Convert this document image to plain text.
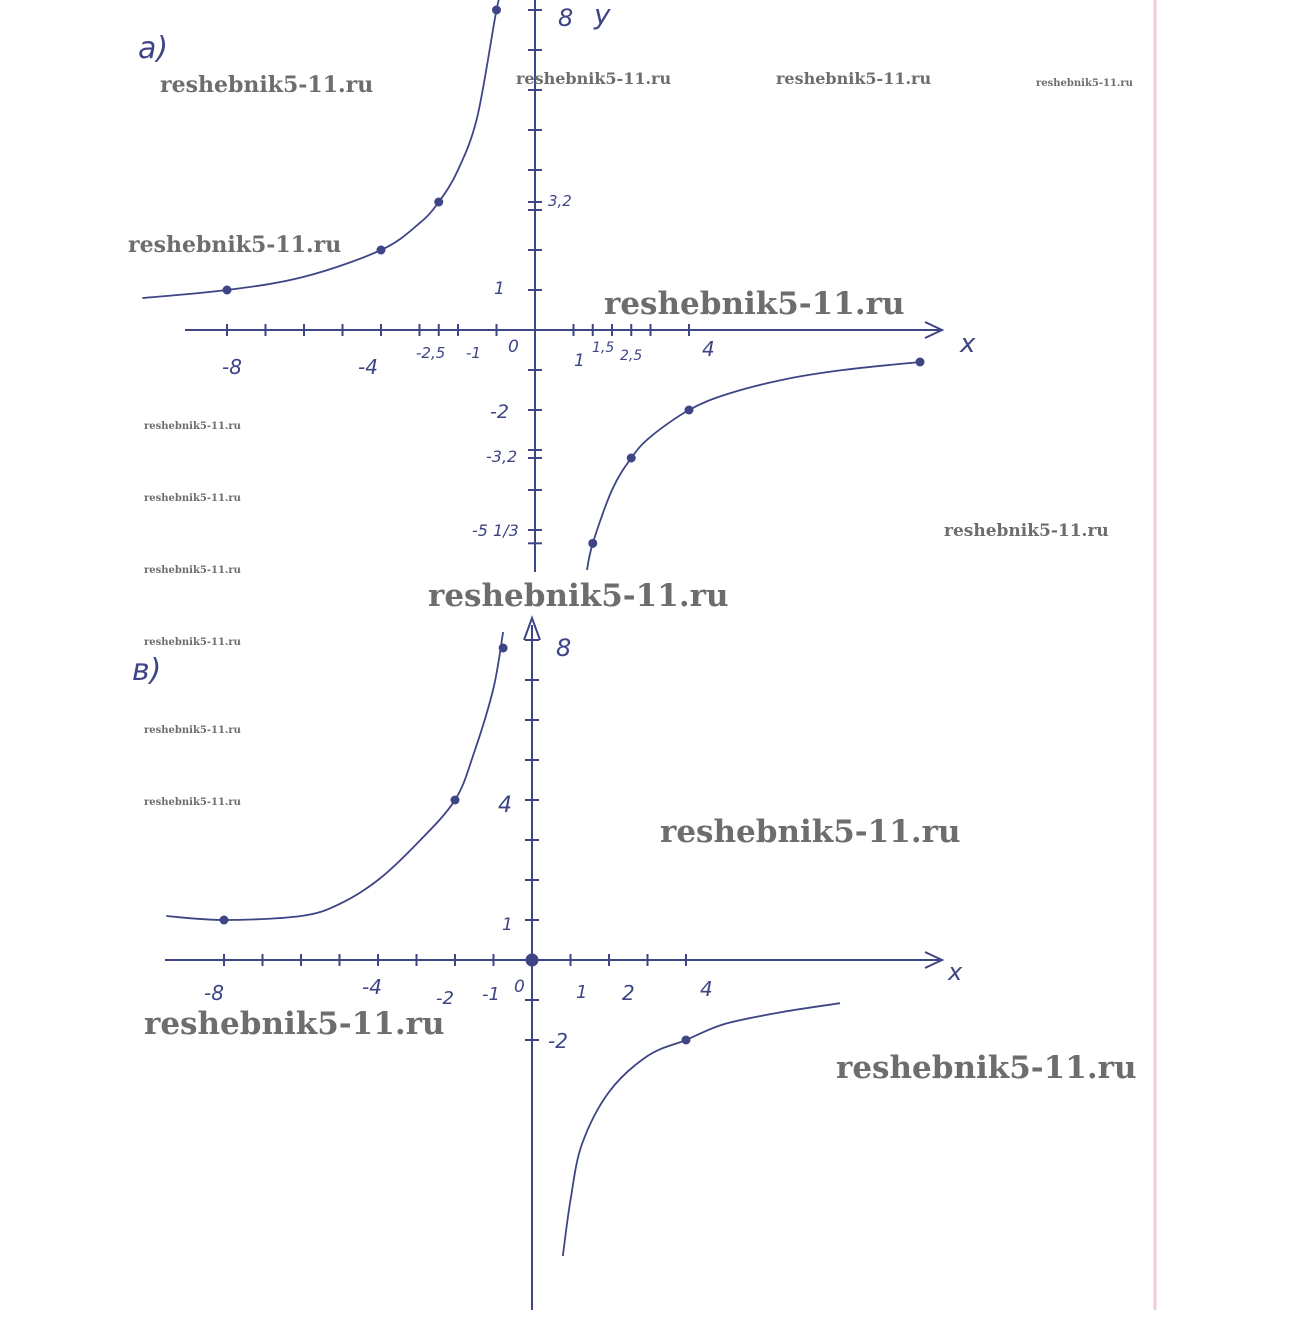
а)
x
y
-8	-4
-2,5 -1 0
1
1,5 2,5	4
8
3,2
1
-2
-3,2
-5 1/3
в)
x
-8	-4	-2 -1 0	1 2	4
8
4
1
-2
reshebnik5-11.ru	reshebnik5-11.ru	reshebnik5-11.ru	reshebnik5-11.ru
reshebnik5-11.ru
reshebnik5-11.ru
reshebnik5-11.ru
reshebnik5-11.ru
reshebnik5-11.ru
reshebnik5-11.ru
reshebnik5-11.ru
reshebnik5-11.ru
reshebnik5-11.ru
reshebnik5-11.ru
reshebnik5-11.ru
reshebnik5-11.ru
reshebnik5-11.ru
